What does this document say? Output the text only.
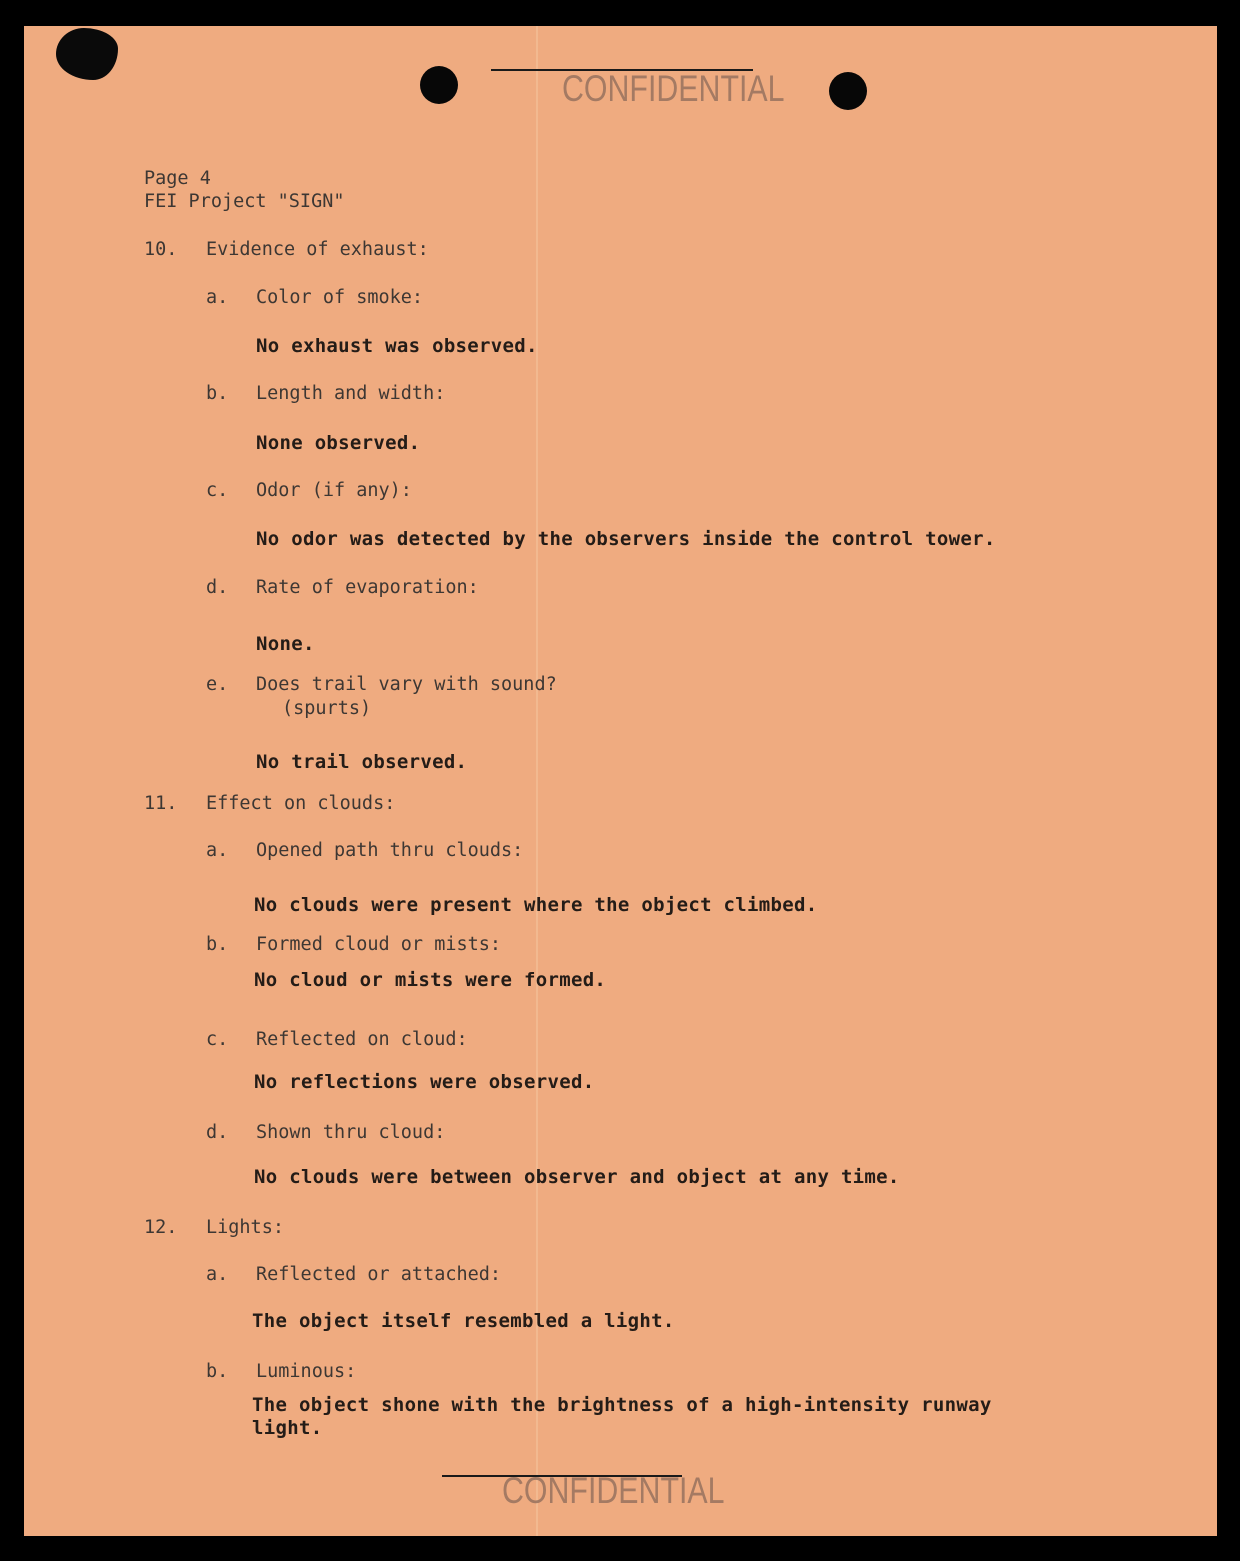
CONFIDENTIAL
Page 4
FEI Project "SIGN"
10. Evidence of exhaust:
a. Color of smoke:
No exhaust was observed.
b. Length and width:
None observed.
c. Odor (if any):
No odor was detected by the observers inside the control tower.
d. Rate of evaporation:
None.
e. Does trail vary with sound?
(spurts)
No trail observed.
11. Effect on clouds:
a. Opened path thru clouds:
No clouds were present where the object climbed.
b. Formed cloud or mists:
No cloud or mists were formed.
c. Reflected on cloud:
No reflections were observed.
d. Shown thru cloud:
No clouds were between observer and object at any time.
12. Lights:
a. Reflected or attached:
The object itself resembled a light.
b. Luminous:
The object shone with the brightness of a high-intensity runway
light.
CONFIDENTIAL
